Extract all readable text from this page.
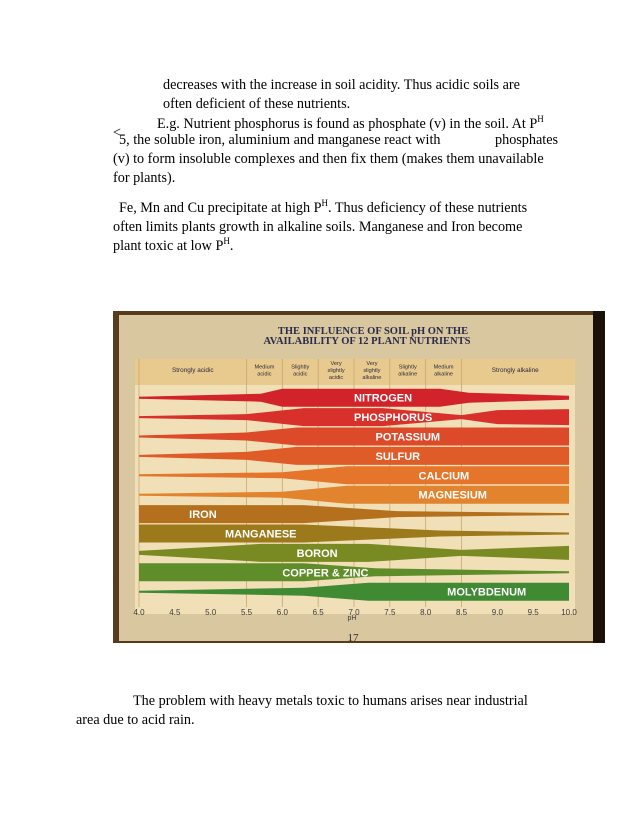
decreases with the increase in soil acidity. Thus acidic soils are
often deficient of these nutrients.
E.g. Nutrient phosphorus is found as phosphate (v) in the soil. At $P^H$
<
5, the soluble iron, aluminium and manganese react with	phosphates
(v) to form insoluble complexes and then fix them (makes them unavailable
for plants).
Fe, Mn and Cu precipitate at high $P^H$. Thus deficiency of these nutrients
often limits plants growth in alkaline soils. Manganese and Iron become
plant toxic at low $P^H$.
THE INFLUENCE OF SOIL pH ON THE
AVAILABILITY OF 12 PLANT NUTRIENTS
Strongly acidic	Medium
acidic
Slightly
acidic
Very
slightly
acidic
Very
slightly
alkaline
Slightly
alkaline
Medium
alkaline
Strongly alkaline
NITROGEN
PHOSPHORUS
POTASSIUM
SULFUR
CALCIUM
MAGNESIUM
IRON
MANGANESE
BORON
COPPER & ZINC
MOLYBDENUM
4.0	4.5	5.0	5.5	6.0	6.5	7.0	7.5	8.0	8.5	9.0	9.5	10.0
pH
17
The problem with heavy metals toxic to humans arises near industrial
area due to acid rain.
